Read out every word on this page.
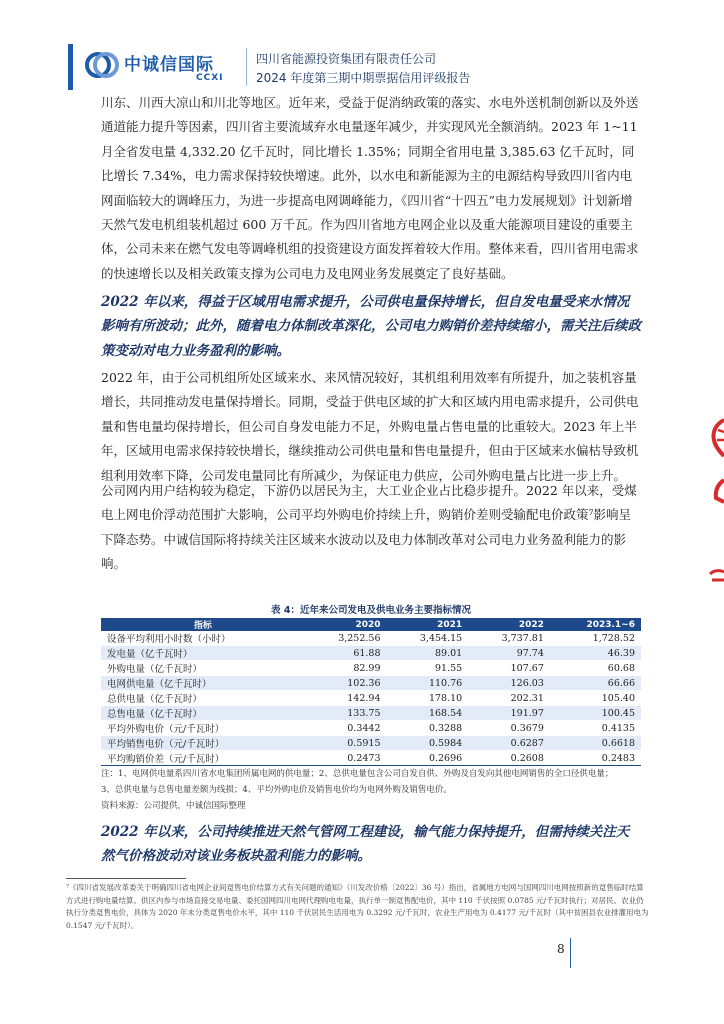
中诚信国际
CCXI
四川省能源投资集团有限责任公司
2024 年度第三期中期票据信用评级报告
川东、川西大凉山和川北等地区。近年来，受益于促消纳政策的落实、水电外送机制创新以及外送通道能力提升等因素，四川省主要流域弃水电量逐年减少，并实现风光全额消纳。2023 年 1~11 月全省发电量 4,332.20 亿千瓦时，同比增长 1.35%；同期全省用电量 3,385.63 亿千瓦时，同比增长 7.34%，电力需求保持较快增速。此外，以水电和新能源为主的电源结构导致四川省内电网面临较大的调峰压力，为进一步提高电网调峰能力，《四川省“十四五”电力发展规划》计划新增天然气发电机组装机超过 600 万千瓦。作为四川省地方电网企业以及重大能源项目建设的重要主体，公司未来在燃气发电等调峰机组的投资建设方面发挥着较大作用。整体来看，四川省用电需求的快速增长以及相关政策支撑为公司电力及电网业务发展奠定了良好基础。
2022 年以来，得益于区域用电需求提升，公司供电量保持增长，但自发电量受来水情况影响有所波动；此外，随着电力体制改革深化，公司电力购销价差持续缩小，需关注后续政策变动对电力业务盈利的影响。
2022 年，由于公司机组所处区域来水、来风情况较好，其机组利用效率有所提升，加之装机容量增长，共同推动发电量保持增长。同期，受益于供电区域的扩大和区域内用电需求提升，公司供电量和售电量均保持增长，但公司自身发电能力不足，外购电量占售电量的比重较大。2023 年上半年，区域用电需求保持较快增长，继续推动公司供电量和售电量提升，但由于区域来水偏枯导致机组利用效率下降，公司发电量同比有所减少，为保证电力供应，公司外购电量占比进一步上升。
公司网内用户结构较为稳定，下游仍以居民为主，大工业企业占比稳步提升。2022 年以来，受煤电上网电价浮动范围扩大影响，公司平均外购电价持续上升，购销价差则受输配电价政策⁷影响呈下降态势。中诚信国际将持续关注区域来水波动以及电力体制改革对公司电力业务盈利能力的影响。
表 4：近年来公司发电及供电业务主要指标情况
指标	2020	2021	2022	2023.1~6
设备平均利用小时数（小时）	3,252.56	3,454.15	3,737.81	1,728.52
发电量（亿千瓦时）	61.88	89.01	97.74	46.39
外购电量（亿千瓦时）	82.99	91.55	107.67	60.68
电网供电量（亿千瓦时）	102.36	110.76	126.03	66.66
总供电量（亿千瓦时）	142.94	178.10	202.31	105.40
总售电量（亿千瓦时）	133.75	168.54	191.97	100.45
平均外购电价（元/千瓦时）	0.3442	0.3288	0.3679	0.4135
平均销售电价（元/千瓦时）	0.5915	0.5984	0.6287	0.6618
平均购销价差（元/千瓦时）	0.2473	0.2696	0.2608	0.2483
注：1、电网供电量系四川省水电集团所属电网的供电量；2、总供电量包含公司自发自供、外购及自发向其他电网销售的全口径供电量；
3、总供电量与总售电量差额为线损；4、平均外购电价及销售电价均为电网外购及销售电价。
资料来源：公司提供，中诚信国际整理
2022 年以来，公司持续推进天然气管网工程建设，输气能力保持提升，但需持续关注天然气价格波动对该业务板块盈利能力的影响。
⁷《四川省发展改革委关于明确四川省电网企业间趸售电价结算方式有关问题的通知》（川发改价格〔2022〕36 号）指出，省属地方电网与国网四川电网按照新的趸售临时结算方式进行购电量结算。供区内参与市场直接交易电量、委托国网四川电网代理购电电量，执行单一制趸售配电价，其中 110 千伏按照 0.0785 元/千瓦时执行；对居民、农业仍执行分类趸售电价，具体为 2020 年末分类趸售电价水平，其中 110 千伏居民生活用电为 0.3292 元/千瓦时，农业生产用电为 0.4177 元/千瓦时（其中贫困县农业排灌用电为 0.1547 元/千瓦时）。
8
